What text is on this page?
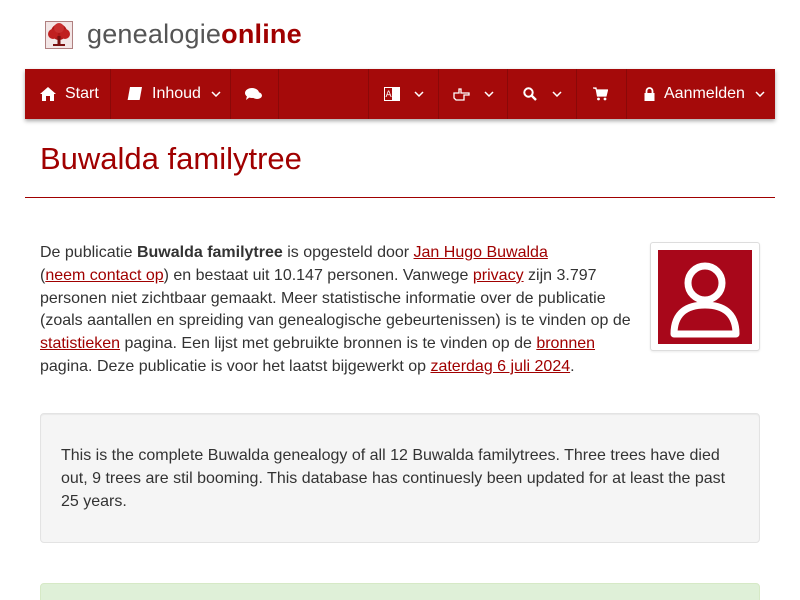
genealogieonline
Start	Inhoud	A	Aanmelden
Buwalda familytree

De publicatie Buwalda familytree is opgesteld door Jan Hugo Buwalda
(neem contact op) en bestaat uit 10.147 personen. Vanwege privacy zijn 3.797 personen niet zichtbaar gemaakt. Meer statistische informatie over de publicatie (zoals aantallen en spreiding van genealogische gebeurtenissen) is te vinden op de statistieken pagina. Een lijst met gebruikte bronnen is te vinden op de bronnen pagina. Deze publicatie is voor het laatst bijgewerkt op zaterdag 6 juli 2024.

This is the complete Buwalda genealogy of all 12 Buwalda familytrees. Three trees have died out, 9 trees are stil booming. This database has continuesly been updated for at least the past 25 years.
